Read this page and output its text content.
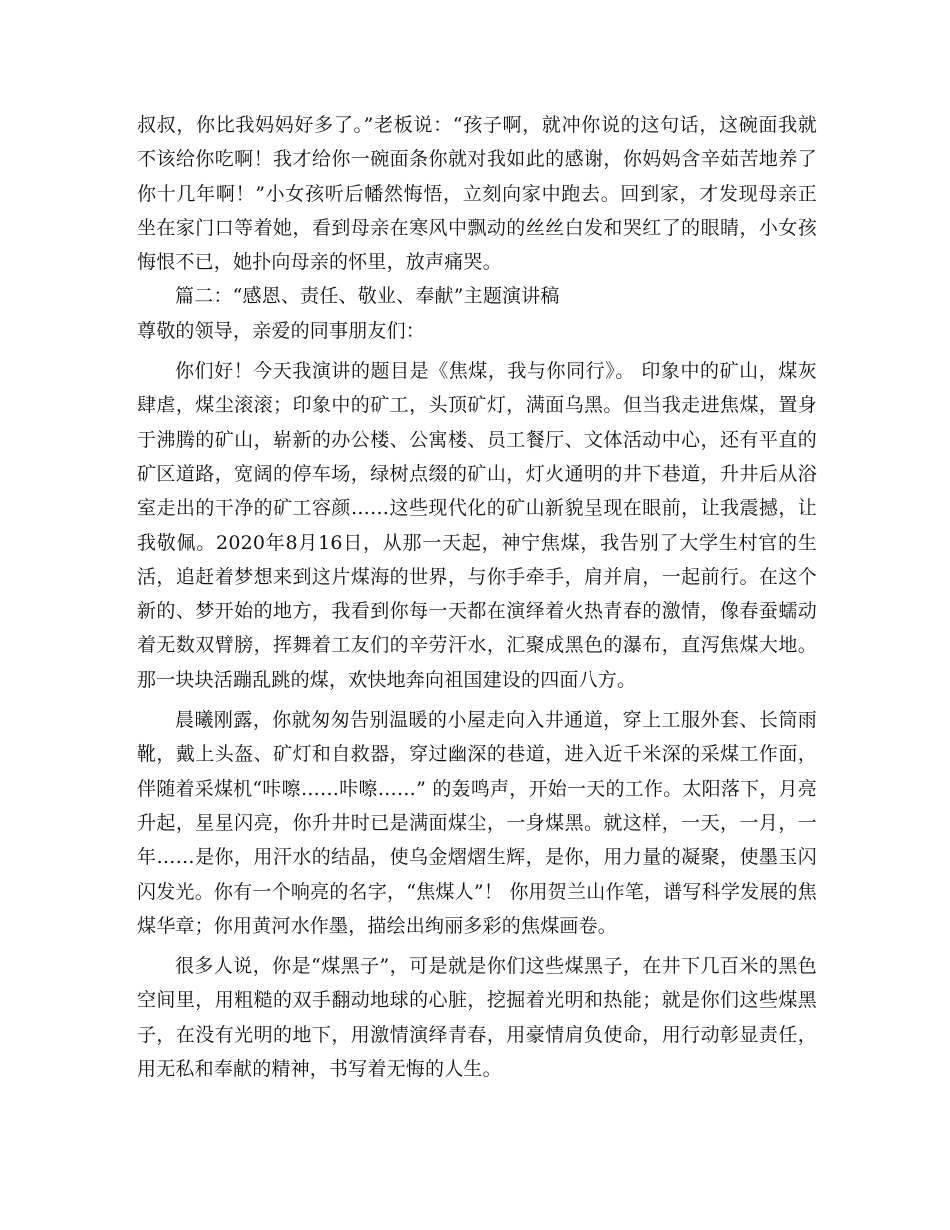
叔叔，你比我妈妈好多了。”老板说：“孩子啊，就冲你说的这句话，这碗面我就不该给你吃啊！我才给你一碗面条你就对我如此的感谢，你妈妈含辛茹苦地养了你十几年啊！”小女孩听后幡然悔悟，立刻向家中跑去。回到家，才发现母亲正坐在家门口等着她，看到母亲在寒风中飘动的丝丝白发和哭红了的眼睛，小女孩悔恨不已，她扑向母亲的怀里，放声痛哭。

篇二：“感恩、责任、敬业、奉献”主题演讲稿

尊敬的领导，亲爱的同事朋友们：

你们好！今天我演讲的题目是《焦煤，我与你同行》。 印象中的矿山，煤灰肆虐，煤尘滚滚；印象中的矿工，头顶矿灯，满面乌黑。但当我走进焦煤，置身于沸腾的矿山，崭新的办公楼、公寓楼、员工餐厅、文体活动中心，还有平直的矿区道路，宽阔的停车场，绿树点缀的矿山，灯火通明的井下巷道，升井后从浴室走出的干净的矿工容颜……这些现代化的矿山新貌呈现在眼前，让我震撼，让我敬佩。2020年8月16日，从那一天起，神宁焦煤，我告别了大学生村官的生活，追赶着梦想来到这片煤海的世界，与你手牵手，肩并肩，一起前行。在这个新的、梦开始的地方，我看到你每一天都在演绎着火热青春的激情，像春蚕蠕动着无数双臂膀，挥舞着工友们的辛劳汗水，汇聚成黑色的瀑布，直泻焦煤大地。那一块块活蹦乱跳的煤，欢快地奔向祖国建设的四面八方。

晨曦刚露，你就匆匆告别温暖的小屋走向入井通道，穿上工服外套、长筒雨靴，戴上头盔、矿灯和自救器，穿过幽深的巷道，进入近千米深的采煤工作面，伴随着采煤机“咔嚓……咔嚓……” 的轰鸣声，开始一天的工作。太阳落下，月亮升起，星星闪亮，你升井时已是满面煤尘，一身煤黑。就这样，一天，一月，一年……是你，用汗水的结晶，使乌金熠熠生辉，是你，用力量的凝聚，使墨玉闪闪发光。你有一个响亮的名字，“焦煤人”！ 你用贺兰山作笔，谱写科学发展的焦煤华章；你用黄河水作墨，描绘出绚丽多彩的焦煤画卷。

很多人说，你是“煤黑子”，可是就是你们这些煤黑子，在井下几百米的黑色空间里，用粗糙的双手翻动地球的心脏，挖掘着光明和热能；就是你们这些煤黑子，在没有光明的地下，用激情演绎青春，用豪情肩负使命，用行动彰显责任，用无私和奉献的精神，书写着无悔的人生。
